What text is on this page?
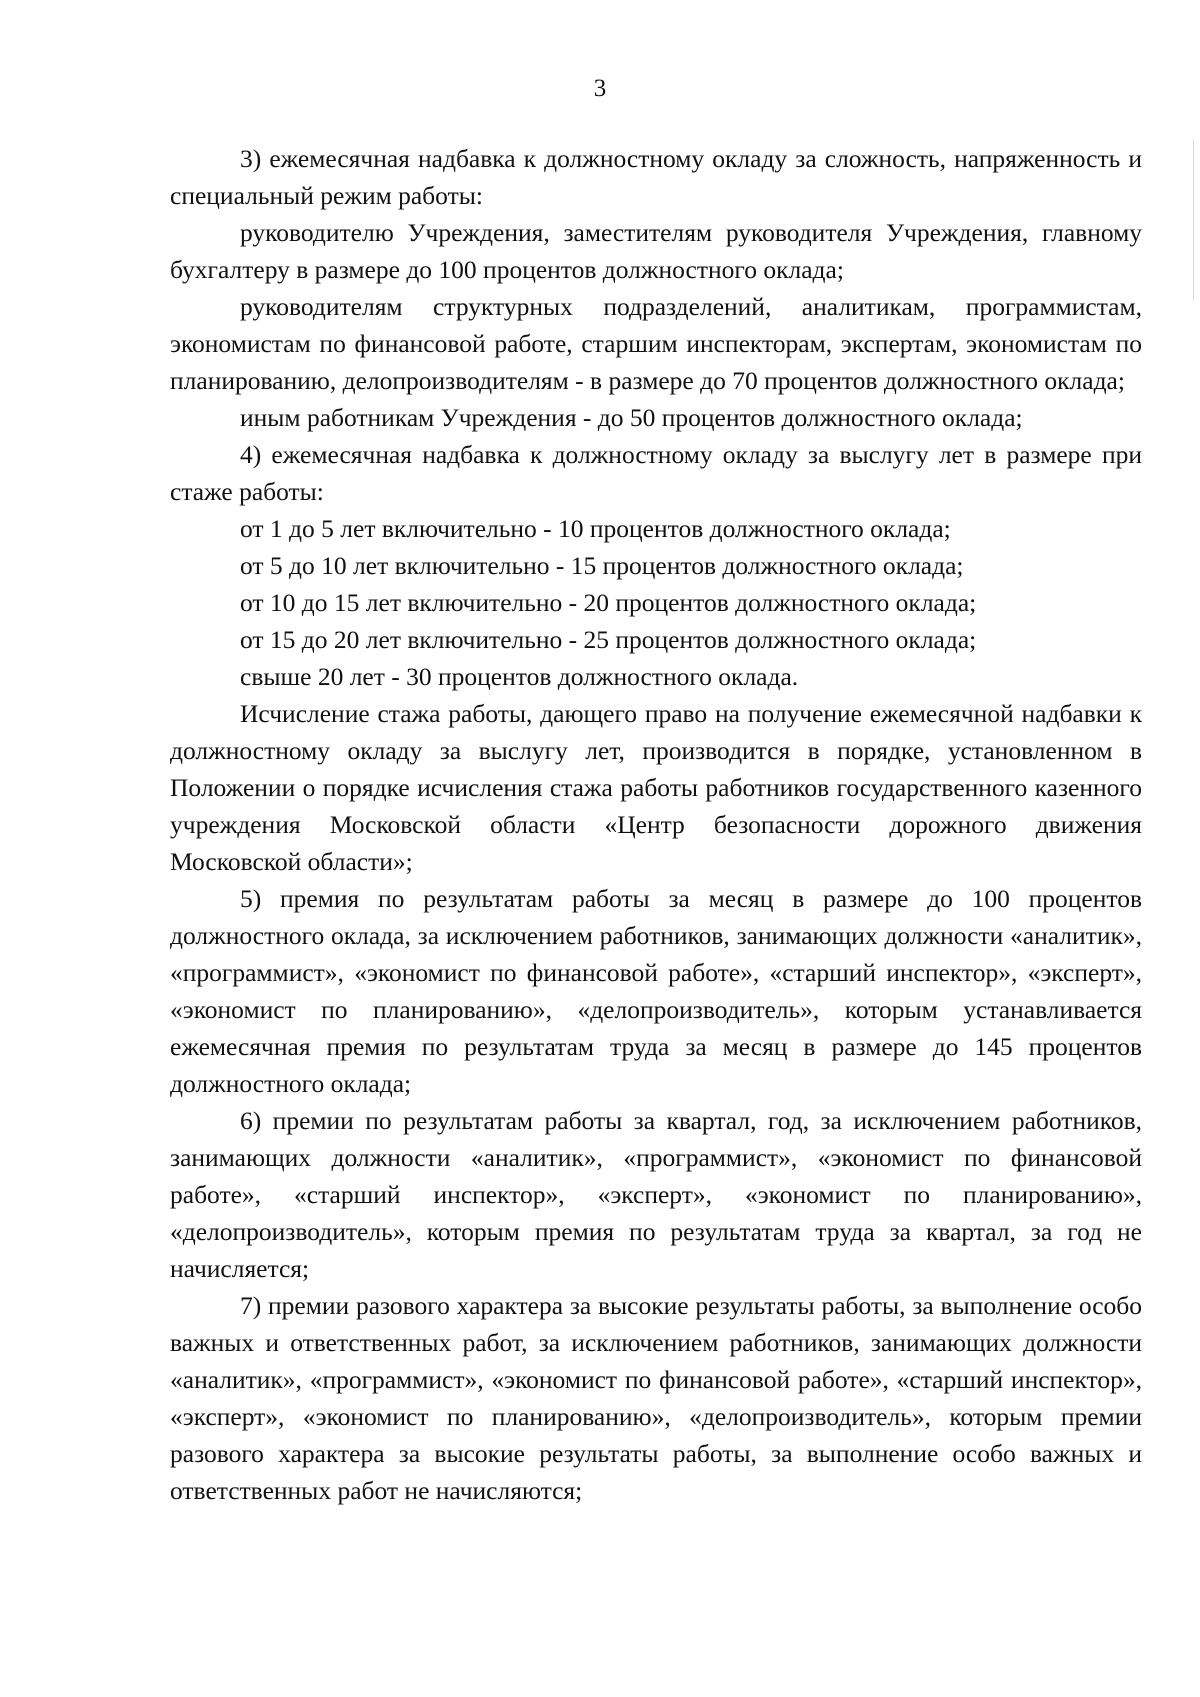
3

3) ежемесячная надбавка к должностному окладу за сложность, напряженность и специальный режим работы:

руководителю Учреждения, заместителям руководителя Учреждения, главному бухгалтеру в размере до 100 процентов должностного оклада;

руководителям структурных подразделений, аналитикам, программистам, экономистам по финансовой работе, старшим инспекторам, экспертам, экономистам по планированию, делопроизводителям - в размере до 70 процентов должностного оклада;

иным работникам Учреждения - до 50 процентов должностного оклада;

4) ежемесячная надбавка к должностному окладу за выслугу лет в размере при стаже работы:

от 1 до 5 лет включительно - 10 процентов должностного оклада;

от 5 до 10 лет включительно - 15 процентов должностного оклада;

от 10 до 15 лет включительно - 20 процентов должностного оклада;

от 15 до 20 лет включительно - 25 процентов должностного оклада;

свыше 20 лет - 30 процентов должностного оклада.

Исчисление стажа работы, дающего право на получение ежемесячной надбавки к должностному окладу за выслугу лет, производится в порядке, установленном в Положении о порядке исчисления стажа работы работников государственного казенного учреждения Московской области «Центр безопасности дорожного движения Московской области»;

5) премия по результатам работы за месяц в размере до 100 процентов должностного оклада, за исключением работников, занимающих должности «аналитик», «программист», «экономист по финансовой работе», «старший инспектор», «эксперт», «экономист по планированию», «делопроизводитель», которым устанавливается ежемесячная премия по результатам труда за месяц в размере до 145 процентов должностного оклада;

6) премии по результатам работы за квартал, год, за исключением работников, занимающих должности «аналитик», «программист», «экономист по финансовой работе», «старший инспектор», «эксперт», «экономист по планированию», «делопроизводитель», которым премия по результатам труда за квартал, за год не начисляется;

7) премии разового характера за высокие результаты работы, за выполнение особо важных и ответственных работ, за исключением работников, занимающих должности «аналитик», «программист», «экономист по финансовой работе», «старший инспектор», «эксперт», «экономист по планированию», «делопроизводитель», которым премии разового характера за высокие результаты работы, за выполнение особо важных и ответственных работ не начисляются;
